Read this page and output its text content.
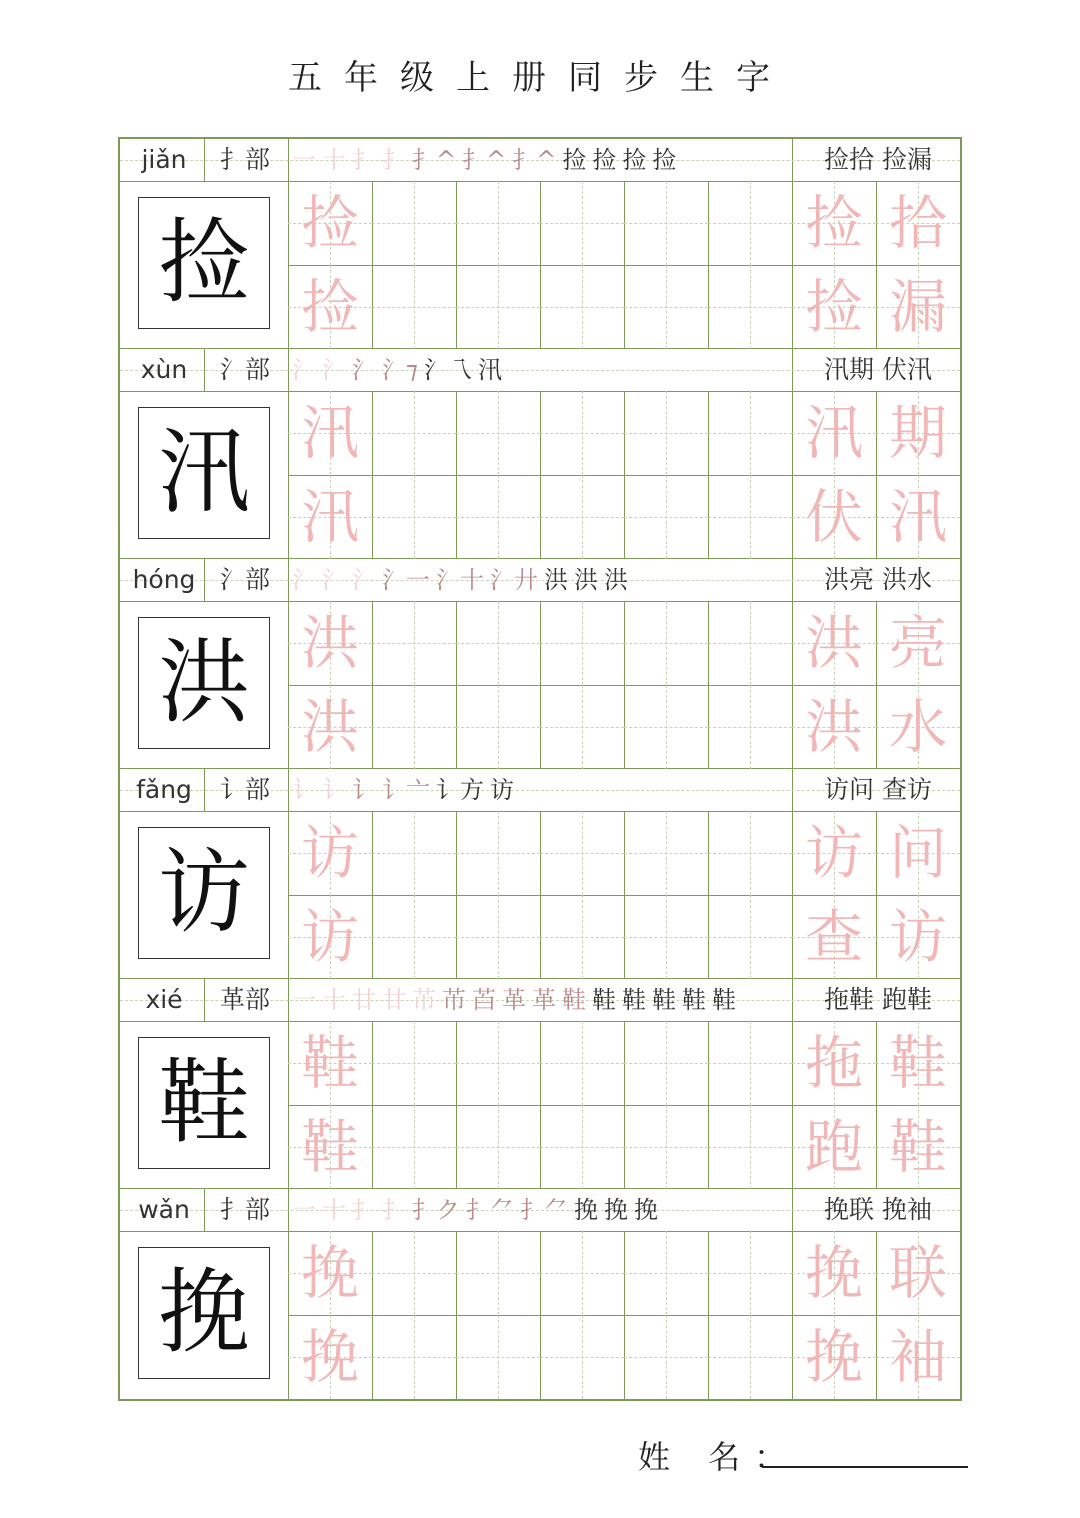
五年级上册同步生字
jiǎn	扌部 一 十 扌 扌 扌^ 扌^ 扌^ 捡 捡 捡 捡	捡拾 捡漏
捡 捡
捡
捡 拾
捡 漏
xùn	氵部 氵 氵 氵 氵⁊ 氵乁 汛	汛期 伏汛
汛 汛
汛
汛 期
伏 汛
hóng 氵部 氵 氵 氵 氵一 氵十 氵廾 洪 洪 洪	洪亮 洪水
洪 洪
洪
洪 亮
洪 水
fǎng	讠部 讠 讠 讠 讠亠 讠方 访	访问 查访
访 访
访
访 问
查 访
xié	革部 一 十 廿 廿 芇 芇 苩 革 革 鞋 鞋 鞋 鞋 鞋 鞋	拖鞋 跑鞋
鞋 鞋
鞋
拖 鞋
跑 鞋
wǎn	扌部 一 十 扌 扌 扌ク 扌⺈ 扌⺈ 挽 挽 挽	挽联 挽袖
挽 挽
挽
挽 联
挽 袖
姓 名：
